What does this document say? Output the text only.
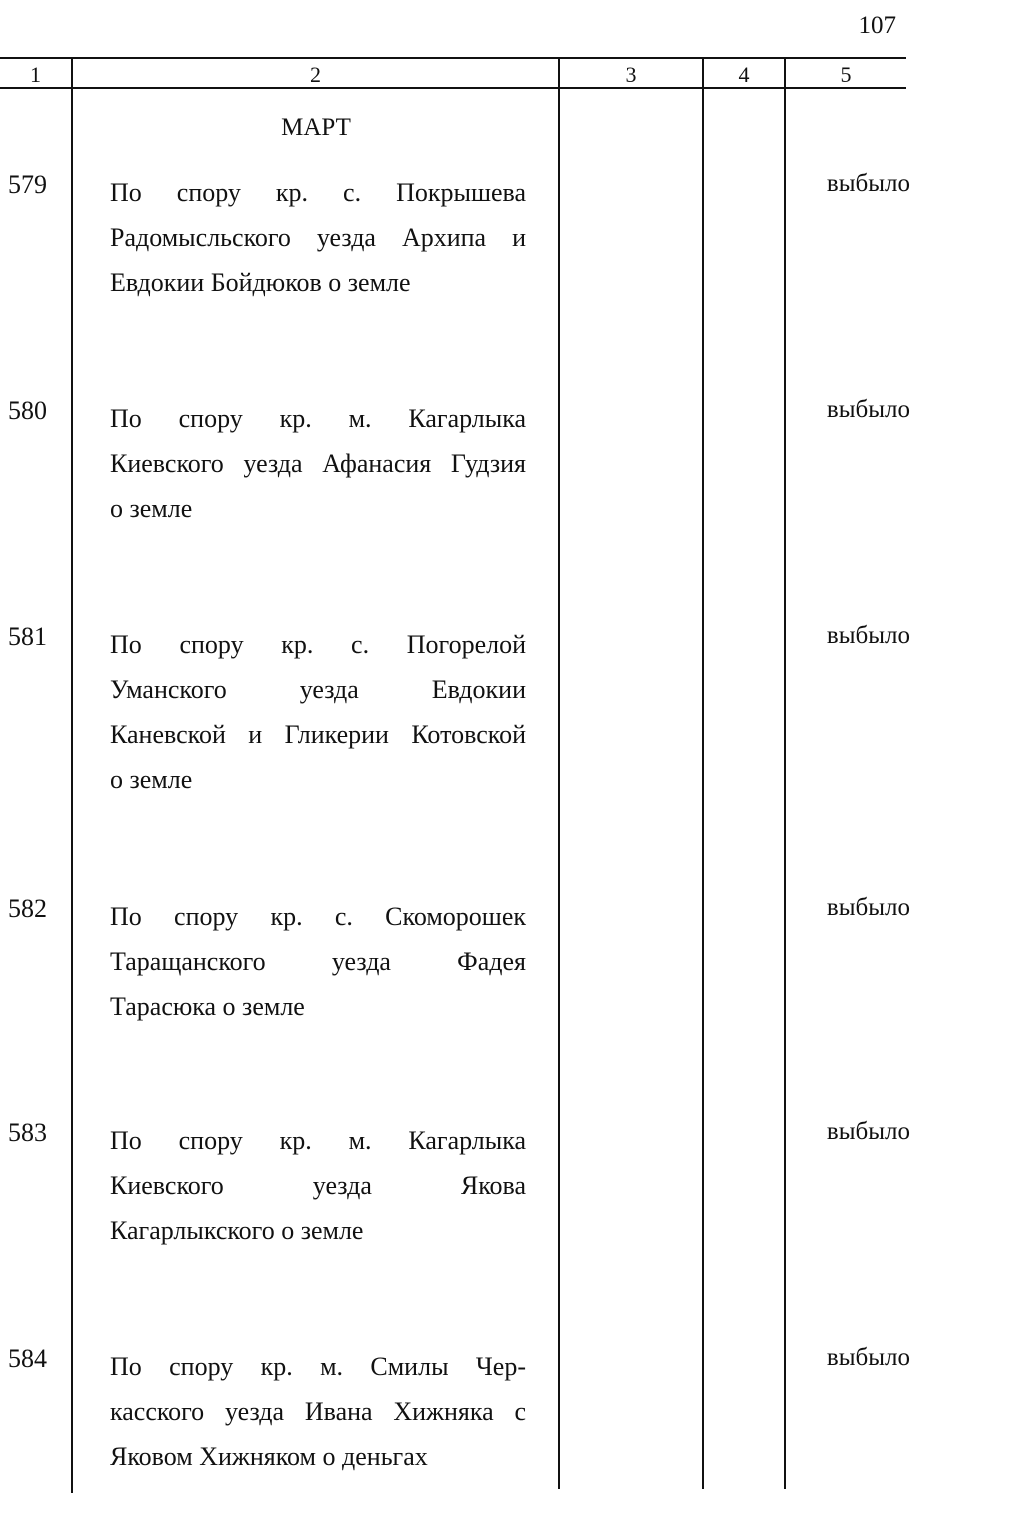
107
1	2	3	4	5
МАРТ
579 По спору кр. с. Покрышева
Радомысльского уезда Архипа и
Евдокии Бойдюков о земле
выбыло
580 По спору кр. м. Кагарлыка
Киевского уезда Афанасия Гудзия
о земле
выбыло
581 По спору кр. с. Погорелой
Уманского уезда Евдокии
Каневской и Гликерии Котовской
о земле
выбыло
582 По спору кр. с. Скоморошек
Таращанского уезда Фадея
Тарасюка о земле
выбыло
583 По спору кр. м. Кагарлыка
Киевского уезда Якова
Кагарлыкского о земле
выбыло
584 По спору кр. м. Смилы Чер-
касского уезда Ивана Хижняка с
Яковом Хижняком о деньгах
выбыло
